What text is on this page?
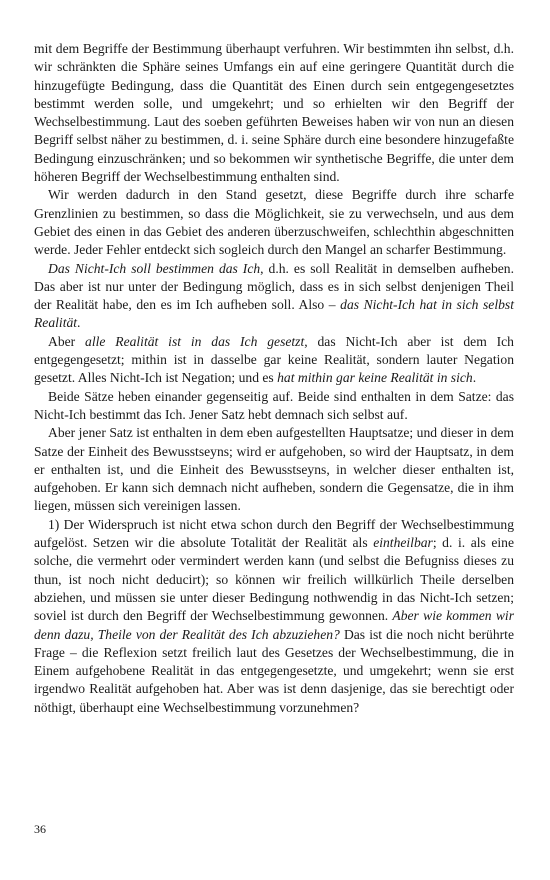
mit dem Begriffe der Bestimmung überhaupt verfuhren. Wir bestimmten ihn selbst, d.h. wir schränkten die Sphäre seines Umfangs ein auf eine geringere Quantität durch die hinzugefügte Bedingung, dass die Quantität des Einen durch sein entgegengesetztes bestimmt werden solle, und umgekehrt; und so erhielten wir den Begriff der Wechselbestimmung. Laut des soeben geführten Beweises haben wir von nun an diesen Begriff selbst näher zu bestimmen, d. i. seine Sphäre durch eine besondere hinzugefaßte Bedingung einzuschränken; und so bekommen wir synthetische Begriffe, die unter dem höheren Begriff der Wechselbestimmung enthalten sind.

Wir werden dadurch in den Stand gesetzt, diese Begriffe durch ihre scharfe Grenzlinien zu bestimmen, so dass die Möglichkeit, sie zu verwechseln, und aus dem Gebiet des einen in das Gebiet des anderen überzuschweifen, schlechthin abgeschnitten werde. Jeder Fehler entdeckt sich sogleich durch den Mangel an scharfer Bestimmung.

Das Nicht-Ich soll bestimmen das Ich, d.h. es soll Realität in demselben aufheben. Das aber ist nur unter der Bedingung möglich, dass es in sich selbst denjenigen Theil der Realität habe, den es im Ich aufheben soll. Also – das Nicht-Ich hat in sich selbst Realität.

Aber alle Realität ist in das Ich gesetzt, das Nicht-Ich aber ist dem Ich entgegengesetzt; mithin ist in dasselbe gar keine Realität, sondern lauter Negation gesetzt. Alles Nicht-Ich ist Negation; und es hat mithin gar keine Realität in sich.

Beide Sätze heben einander gegenseitig auf. Beide sind enthalten in dem Satze: das Nicht-Ich bestimmt das Ich. Jener Satz hebt demnach sich selbst auf.

Aber jener Satz ist enthalten in dem eben aufgestellten Hauptsatze; und dieser in dem Satze der Einheit des Bewusstseyns; wird er aufgehoben, so wird der Hauptsatz, in dem er enthalten ist, und die Einheit des Bewusstseyns, in welcher dieser enthalten ist, aufgehoben. Er kann sich demnach nicht aufheben, sondern die Gegensatze, die in ihm liegen, müssen sich vereinigen lassen.

1) Der Widerspruch ist nicht etwa schon durch den Begriff der Wechselbestimmung aufgelöst. Setzen wir die absolute Totalität der Realität als eintheilbar; d. i. als eine solche, die vermehrt oder vermindert werden kann (und selbst die Befugniss dieses zu thun, ist noch nicht deducirt); so können wir freilich willkürlich Theile derselben abziehen, und müssen sie unter dieser Bedingung nothwendig in das Nicht-Ich setzen; soviel ist durch den Begriff der Wechselbestimmung gewonnen. Aber wie kommen wir denn dazu, Theile von der Realität des Ich abzuziehen? Das ist die noch nicht berührte Frage – die Reflexion setzt freilich laut des Gesetzes der Wechselbestimmung, die in Einem aufgehobene Realität in das entgegengesetzte, und umgekehrt; wenn sie erst irgendwo Realität aufgehoben hat. Aber was ist denn dasjenige, das sie berechtigt oder nöthigt, überhaupt eine Wechselbestimmung vorzunehmen?

36
